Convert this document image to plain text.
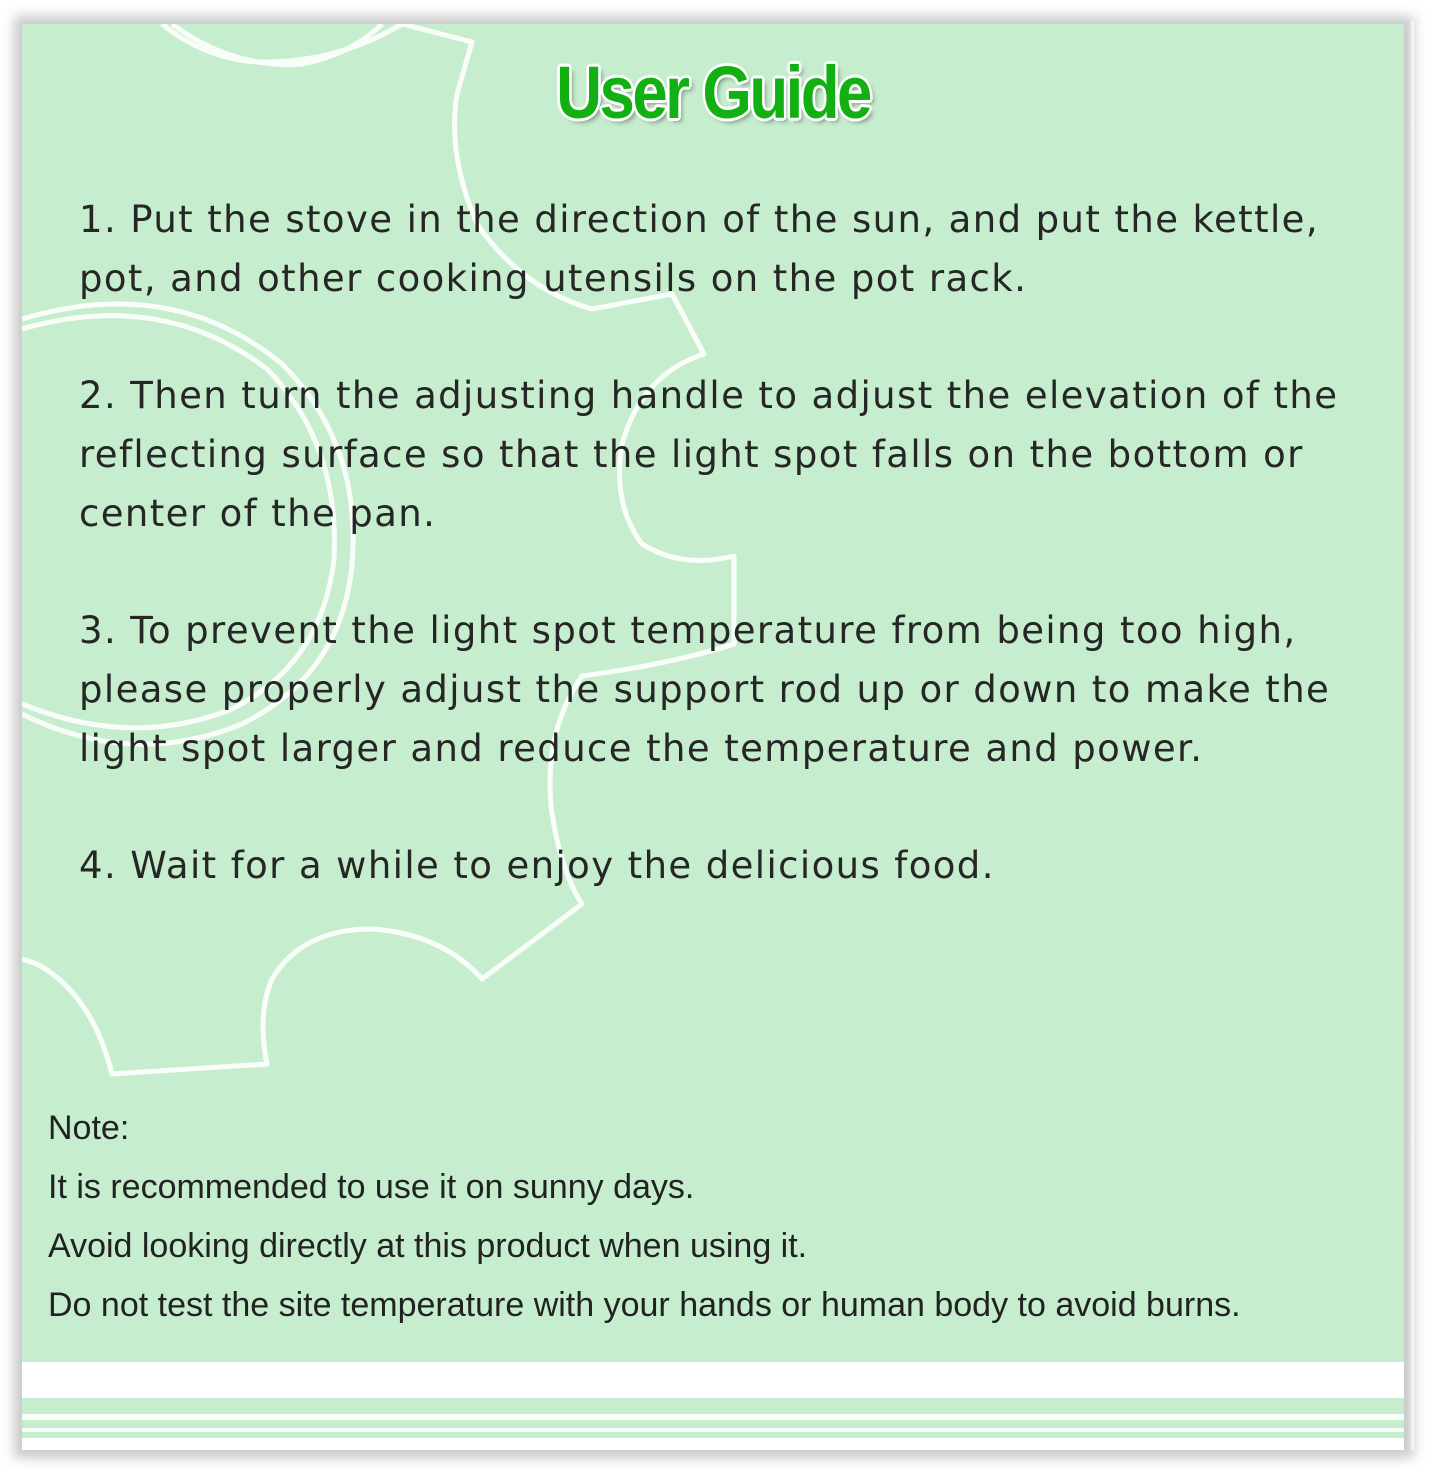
User Guide

1. Put the stove in the direction of the sun, and put the kettle, pot, and other cooking utensils on the pot rack.

2. Then turn the adjusting handle to adjust the elevation of the reflecting surface so that the light spot falls on the bottom or center of the pan.

3. To prevent the light spot temperature from being too high, please properly adjust the support rod up or down to make the light spot larger and reduce the temperature and power.

4. Wait for a while to enjoy the delicious food.

Note:
It is recommended to use it on sunny days.
Avoid looking directly at this product when using it.
Do not test the site temperature with your hands or human body to avoid burns.
